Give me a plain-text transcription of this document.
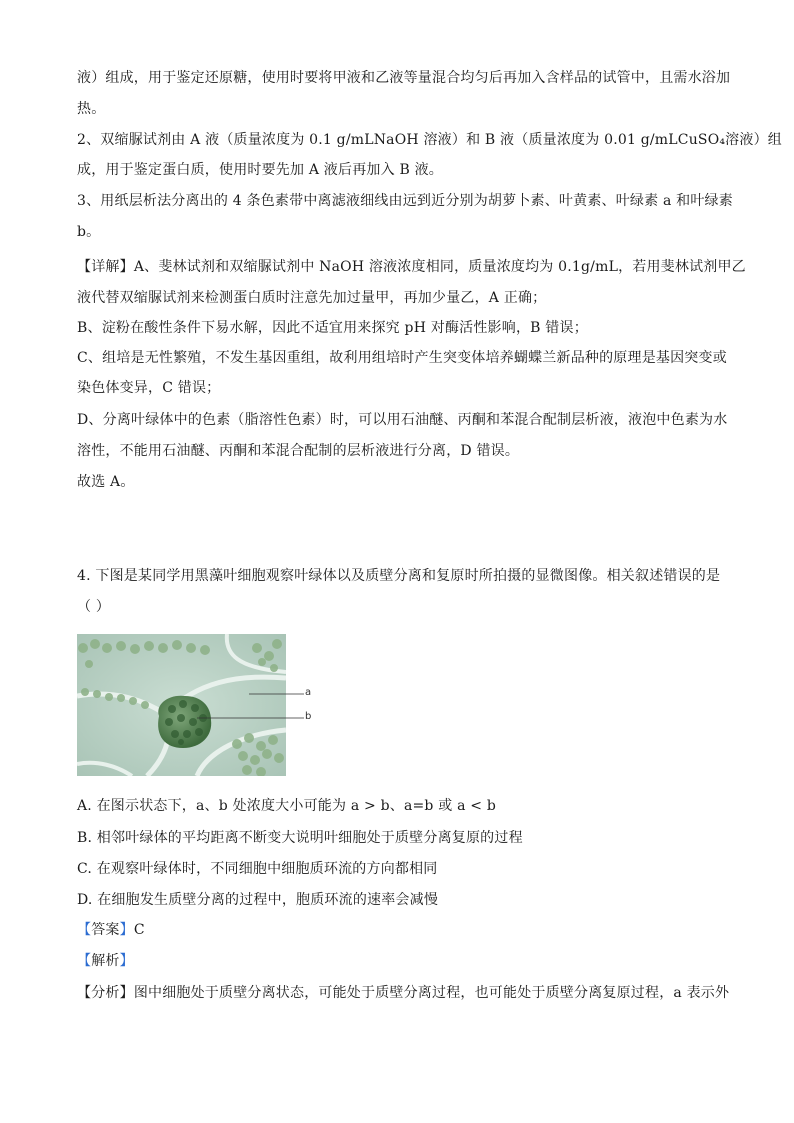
液）组成，用于鉴定还原糖，使用时要将甲液和乙液等量混合均匀后再加入含样品的试管中，且需水浴加
热。
2、双缩脲试剂由 A 液（质量浓度为 0.1 g/mLNaOH 溶液）和 B 液（质量浓度为 0.01 g/mLCuSO₄溶液）组
成，用于鉴定蛋白质，使用时要先加 A 液后再加入 B 液。
3、用纸层析法分离出的 4 条色素带中离滤液细线由远到近分别为胡萝卜素、叶黄素、叶绿素 a 和叶绿素
b。
【详解】A、斐林试剂和双缩脲试剂中 NaOH 溶液浓度相同，质量浓度均为 0.1g/mL，若用斐林试剂甲乙
液代替双缩脲试剂来检测蛋白质时注意先加过量甲，再加少量乙，A 正确；
B、淀粉在酸性条件下易水解，因此不适宜用来探究 pH 对酶活性影响，B 错误；
C、组培是无性繁殖，不发生基因重组，故利用组培时产生突变体培养蝴蝶兰新品种的原理是基因突变或
染色体变异，C 错误；
D、分离叶绿体中的色素（脂溶性色素）时，可以用石油醚、丙酮和苯混合配制层析液，液泡中色素为水
溶性，不能用石油醚、丙酮和苯混合配制的层析液进行分离，D 错误。
故选 A。
4. 下图是某同学用黑藻叶细胞观察叶绿体以及质壁分离和复原时所拍摄的显微图像。相关叙述错误的是
（ ）
a
b
A. 在图示状态下，a、b 处浓度大小可能为 a > b、a=b 或 a < b
B. 相邻叶绿体的平均距离不断变大说明叶细胞处于质壁分离复原的过程
C. 在观察叶绿体时，不同细胞中细胞质环流的方向都相同
D. 在细胞发生质壁分离的过程中，胞质环流的速率会减慢
【答案】C
【解析】
【分析】图中细胞处于质壁分离状态，可能处于质壁分离过程，也可能处于质壁分离复原过程，a 表示外
